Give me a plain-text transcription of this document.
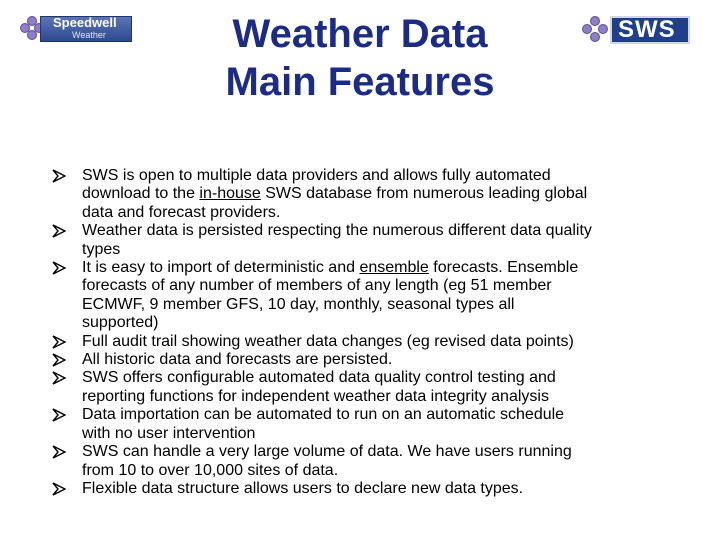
Speedwell
Weather	SWS
Weather Data
Main Features
SWS is open to multiple data providers and allows fully automated
download to the in-house SWS database from numerous leading global
data and forecast providers.
Weather data is persisted respecting the numerous different data quality
types
It is easy to import of deterministic and ensemble forecasts. Ensemble
forecasts of any number of members of any length (eg 51 member
ECMWF, 9 member GFS, 10 day, monthly, seasonal types all
supported)
Full audit trail showing weather data changes (eg revised data points)
All historic data and forecasts are persisted.
SWS offers configurable automated data quality control testing and
reporting functions for independent weather data integrity analysis
Data importation can be automated to run on an automatic schedule
with no user intervention
SWS can handle a very large volume of data. We have users running
from 10 to over 10,000 sites of data.
Flexible data structure allows users to declare new data types.
